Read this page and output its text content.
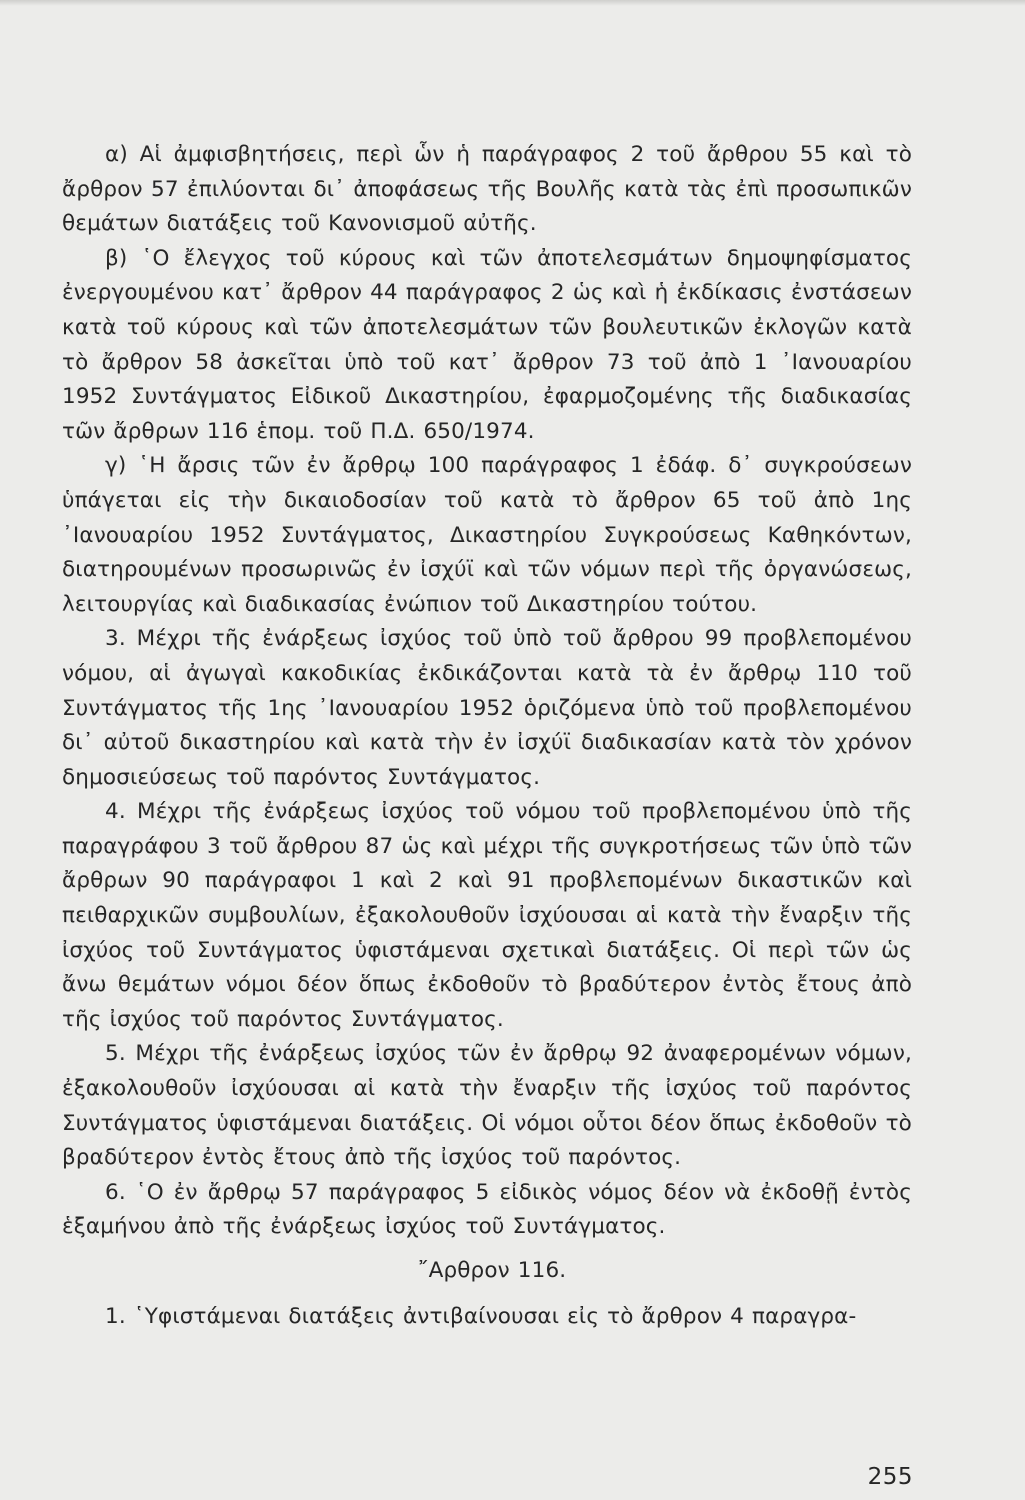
α) Αἱ ἀμφισβητήσεις, περὶ ὧν ἡ παράγραφος 2 τοῦ ἄρθρου 55 καὶ τὸ ἄρθρον 57 ἐπιλύονται δι᾽ ἀποφάσεως τῆς Βουλῆς κατὰ τὰς ἐπὶ προσωπικῶν θεμάτων διατάξεις τοῦ Κανονισμοῦ αὐτῆς.

β) ῾Ο ἔλεγχος τοῦ κύρους καὶ τῶν ἀποτελεσμάτων δημοψηφίσματος ἐνεργουμένου κατ᾽ ἄρθρον 44 παράγραφος 2 ὡς καὶ ἡ ἐκδίκασις ἐνστάσεων κατὰ τοῦ κύρους καὶ τῶν ἀποτελεσμάτων τῶν βουλευτικῶν ἐκλογῶν κατὰ τὸ ἄρθρον 58 ἀσκεῖται ὑπὸ τοῦ κατ᾽ ἄρθρον 73 τοῦ ἀπὸ 1 ᾽Ιανουαρίου 1952 Συντάγματος Εἰδικοῦ Δικαστηρίου, ἐφαρμοζομένης τῆς διαδικασίας τῶν ἄρθρων 116 ἑπομ. τοῦ Π.Δ. 650/1974.

γ) ῾Η ἄρσις τῶν ἐν ἄρθρῳ 100 παράγραφος 1 ἐδάφ. δ᾽ συγκρούσεων ὑπάγεται εἰς τὴν δικαιοδοσίαν τοῦ κατὰ τὸ ἄρθρον 65 τοῦ ἀπὸ 1ης ᾽Ιανουαρίου 1952 Συντάγματος, Δικαστηρίου Συγκρούσεως Καθηκόντων, διατηρουμένων προσωρινῶς ἐν ἰσχύϊ καὶ τῶν νόμων περὶ τῆς ὀργανώσεως, λειτουργίας καὶ διαδικασίας ἐνώπιον τοῦ Δικαστηρίου τούτου.

3. Μέχρι τῆς ἐνάρξεως ἰσχύος τοῦ ὑπὸ τοῦ ἄρθρου 99 προβλεπομένου νόμου, αἱ ἀγωγαὶ κακοδικίας ἐκδικάζονται κατὰ τὰ ἐν ἄρθρῳ 110 τοῦ Συντάγματος τῆς 1ης ᾽Ιανουαρίου 1952 ὁριζόμενα ὑπὸ τοῦ προβλεπομένου δι᾽ αὐτοῦ δικαστηρίου καὶ κατὰ τὴν ἐν ἰσχύϊ διαδικασίαν κατὰ τὸν χρόνον δημοσιεύσεως τοῦ παρόντος Συντάγματος.

4. Μέχρι τῆς ἐνάρξεως ἰσχύος τοῦ νόμου τοῦ προβλεπομένου ὑπὸ τῆς παραγράφου 3 τοῦ ἄρθρου 87 ὡς καὶ μέχρι τῆς συγκροτήσεως τῶν ὑπὸ τῶν ἄρθρων 90 παράγραφοι 1 καὶ 2 καὶ 91 προβλεπομένων δικαστικῶν καὶ πειθαρχικῶν συμβουλίων, ἐξακολουθοῦν ἰσχύουσαι αἱ κατὰ τὴν ἔναρξιν τῆς ἰσχύος τοῦ Συντάγματος ὑφιστάμεναι σχετικαὶ διατάξεις. Οἱ περὶ τῶν ὡς ἄνω θεμάτων νόμοι δέον ὅπως ἐκδοθοῦν τὸ βραδύτερον ἐντὸς ἔτους ἀπὸ τῆς ἰσχύος τοῦ παρόντος Συντάγματος.

5. Μέχρι τῆς ἐνάρξεως ἰσχύος τῶν ἐν ἄρθρῳ 92 ἀναφερομένων νόμων, ἐξακολουθοῦν ἰσχύουσαι αἱ κατὰ τὴν ἔναρξιν τῆς ἰσχύος τοῦ παρόντος Συντάγματος ὑφιστάμεναι διατάξεις. Οἱ νόμοι οὗτοι δέον ὅπως ἐκδοθοῦν τὸ βραδύτερον ἐντὸς ἔτους ἀπὸ τῆς ἰσχύος τοῦ παρόντος.

6. ῾Ο ἐν ἄρθρῳ 57 παράγραφος 5 εἰδικὸς νόμος δέον νὰ ἐκδοθῇ ἐντὸς ἑξαμήνου ἀπὸ τῆς ἐνάρξεως ἰσχύος τοῦ Συντάγματος.

῎Αρθρον 116.

1. ῾Υφιστάμεναι διατάξεις ἀντιβαίνουσαι εἰς τὸ ἄρθρον 4 παραγρα-

255
